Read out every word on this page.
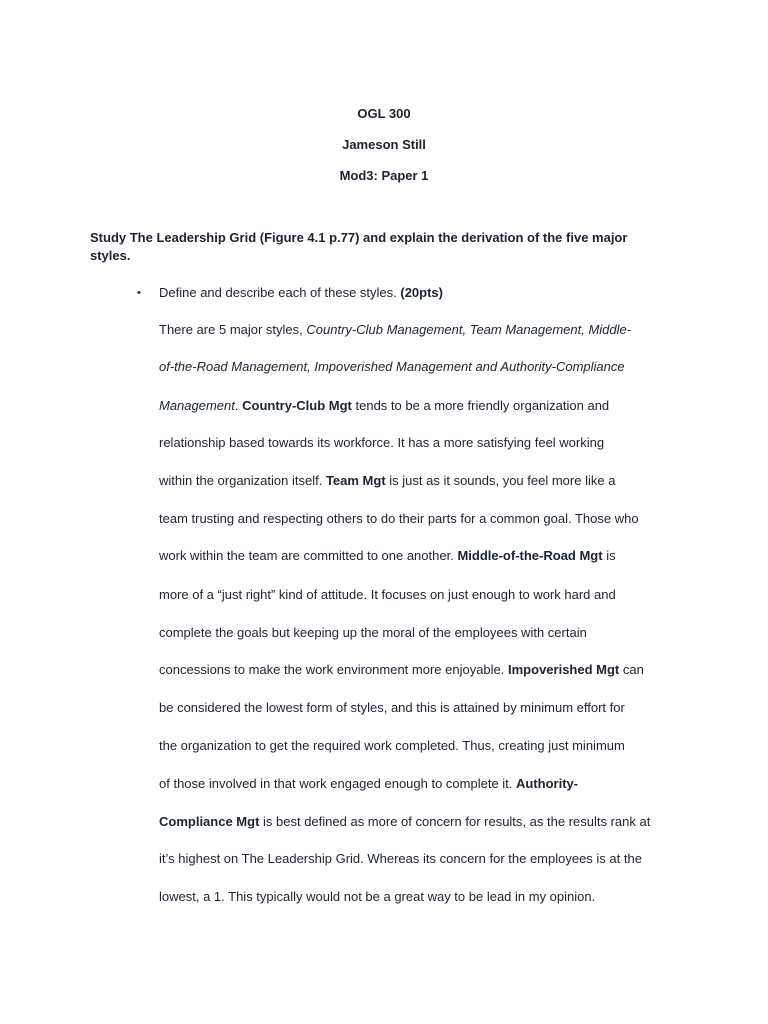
OGL 300
Jameson Still
Mod3: Paper 1
Study The Leadership Grid (Figure 4.1 p.77) and explain the derivation of the five major styles.
• Define and describe each of these styles. (20pts)
There are 5 major styles, Country-Club Management, Team Management, Middle-
of-the-Road Management, Impoverished Management and Authority-Compliance
Management. Country-Club Mgt tends to be a more friendly organization and
relationship based towards its workforce. It has a more satisfying feel working
within the organization itself. Team Mgt is just as it sounds, you feel more like a
team trusting and respecting others to do their parts for a common goal. Those who
work within the team are committed to one another. Middle-of-the-Road Mgt is
more of a “just right” kind of attitude. It focuses on just enough to work hard and
complete the goals but keeping up the moral of the employees with certain
concessions to make the work environment more enjoyable. Impoverished Mgt can
be considered the lowest form of styles, and this is attained by minimum effort for
the organization to get the required work completed. Thus, creating just minimum
of those involved in that work engaged enough to complete it. Authority-
Compliance Mgt is best defined as more of concern for results, as the results rank at
it’s highest on The Leadership Grid. Whereas its concern for the employees is at the
lowest, a 1. This typically would not be a great way to be lead in my opinion.
